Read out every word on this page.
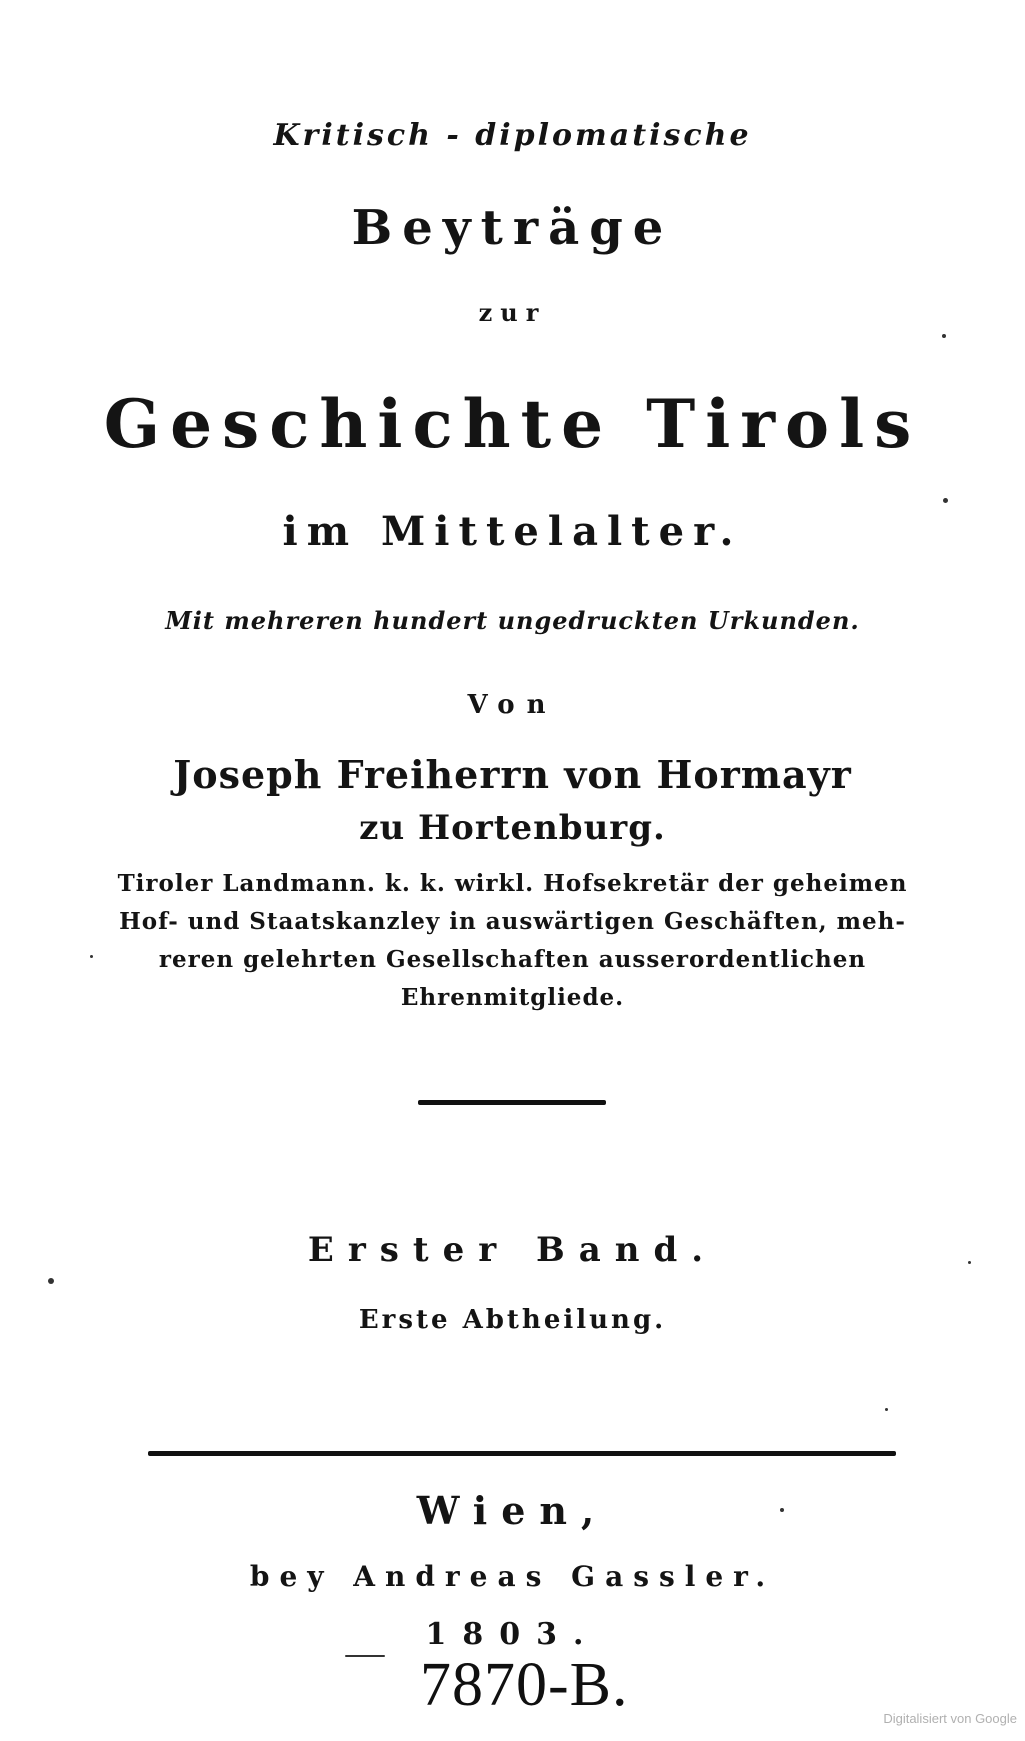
Kritisch - diplomatische
Beyträge
zur
Geschichte Tirols
im Mittelalter.
Mit mehreren hundert ungedruckten Urkunden.
Von
Joseph Freiherrn von Hormayr
zu Hortenburg.
Tiroler Landmann. k. k. wirkl. Hofsekretär der geheimen
Hof- und Staatskanzley in auswärtigen Geschäften, meh-
reren gelehrten Gesellschaften ausserordentlichen
Ehrenmitgliede.
Erster Band.
Erste Abtheilung.
Wien,
bey Andreas Gassler.
1803.
7870-B.	Digitalisiert von Google
